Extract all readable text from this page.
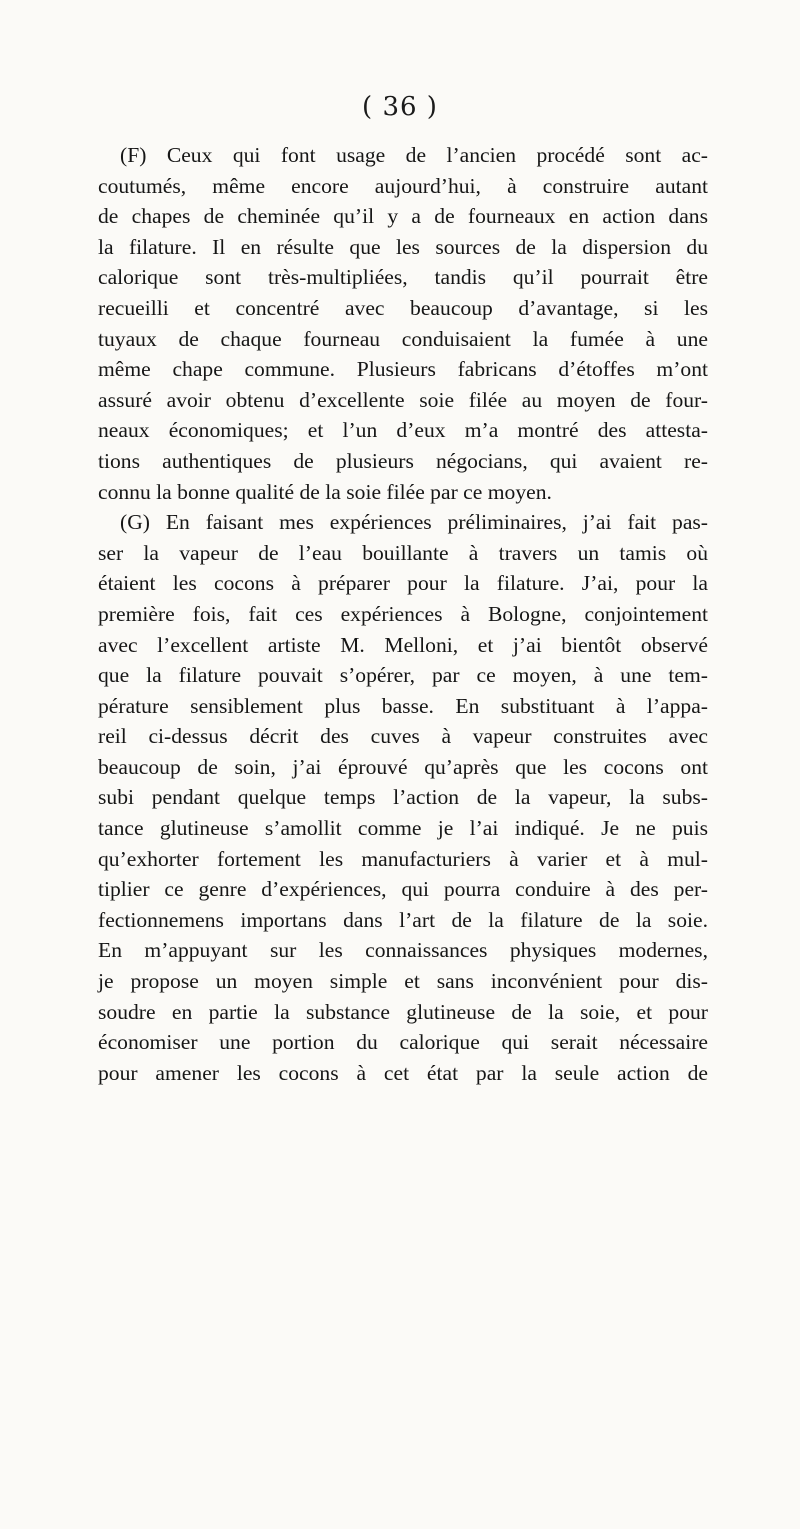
( 36 )
(F) Ceux qui font usage de l’ancien procédé sont ac-
coutumés, même encore aujourd’hui, à construire autant
de chapes de cheminée qu’il y a de fourneaux en action dans
la filature. Il en résulte que les sources de la dispersion du
calorique sont très-multipliées, tandis qu’il pourrait être
recueilli et concentré avec beaucoup d’avantage, si les
tuyaux de chaque fourneau conduisaient la fumée à une
même chape commune. Plusieurs fabricans d’étoffes m’ont
assuré avoir obtenu d’excellente soie filée au moyen de four-
neaux économiques; et l’un d’eux m’a montré des attesta-
tions authentiques de plusieurs négocians, qui avaient re-
connu la bonne qualité de la soie filée par ce moyen.
(G) En faisant mes expériences préliminaires, j’ai fait pas-
ser la vapeur de l’eau bouillante à travers un tamis où
étaient les cocons à préparer pour la filature. J’ai, pour la
première fois, fait ces expériences à Bologne, conjointement
avec l’excellent artiste M. Melloni, et j’ai bientôt observé
que la filature pouvait s’opérer, par ce moyen, à une tem-
pérature sensiblement plus basse. En substituant à l’appa-
reil ci-dessus décrit des cuves à vapeur construites avec
beaucoup de soin, j’ai éprouvé qu’après que les cocons ont
subi pendant quelque temps l’action de la vapeur, la subs-
tance glutineuse s’amollit comme je l’ai indiqué. Je ne puis
qu’exhorter fortement les manufacturiers à varier et à mul-
tiplier ce genre d’expériences, qui pourra conduire à des per-
fectionnemens importans dans l’art de la filature de la soie.
En m’appuyant sur les connaissances physiques modernes,
je propose un moyen simple et sans inconvénient pour dis-
soudre en partie la substance glutineuse de la soie, et pour
économiser une portion du calorique qui serait nécessaire
pour amener les cocons à cet état par la seule action de
